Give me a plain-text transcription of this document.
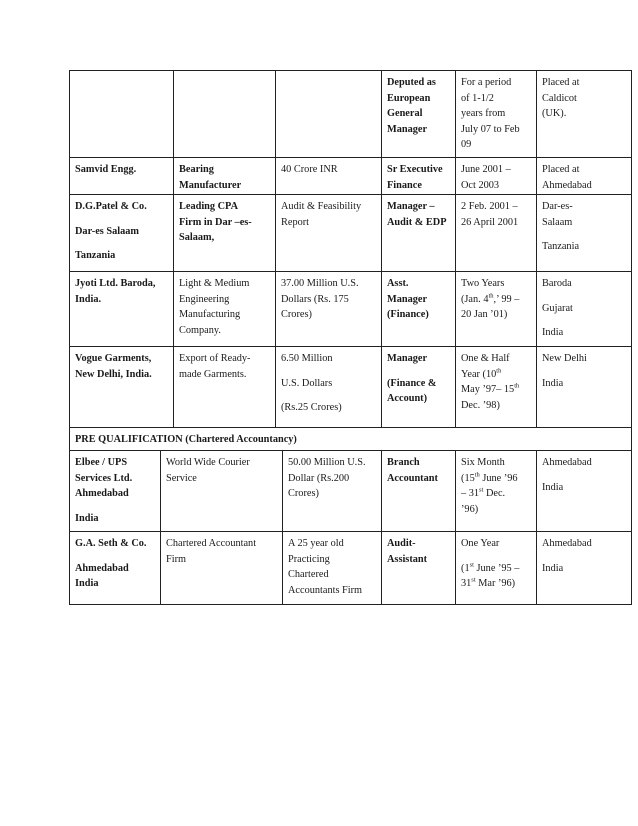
Deputed as
European
General
Manager
For a period
of 1-1/2
years from
July 07 to Feb
09
Placed at
Caldicot
(UK).
Samvid Engg.	Bearing
Manufacturer
40 Crore INR	Sr Executive
Finance
June 2001 –
Oct 2003
Placed at
Ahmedabad
D.G.Patel & Co.
Dar-es Salaam
Tanzania
Leading CPA
Firm in Dar –es-
Salaam,
Audit & Feasibility
Report
Manager –
Audit & EDP
2 Feb. 2001 –
26 April 2001
Dar-es-
Salaam
Tanzania
Jyoti Ltd. Baroda,
India.
Light & Medium
Engineering
Manufacturing
Company.
37.00 Million U.S.
Dollars (Rs. 175
Crores)
Asst.
Manager
(Finance)
Two Years
(Jan. 4th,’ 99 –
20 Jan ’01)
Baroda
Gujarat
India
Vogue Garments,
New Delhi, India.
Export of Ready-
made Garments.
6.50 Million
U.S. Dollars
(Rs.25 Crores)
Manager
(Finance &
Account)
One & Half
Year (10th
May ’97– 15th
Dec. ’98)
New Delhi
India
PRE QUALIFICATION (Chartered Accountancy)
Elbee / UPS
Services Ltd.
Ahmedabad
India
World Wide Courier
Service
50.00 Million U.S.
Dollar (Rs.200
Crores)
Branch
Accountant
Six Month
(15th June ’96
– 31st Dec.
’96)
Ahmedabad
India
G.A. Seth & Co.
Ahmedabad
India
Chartered Accountant
Firm
A 25 year old
Practicing
Chartered
Accountants Firm
Audit-
Assistant
One Year
(1st June ’95 –
31st Mar ’96)
Ahmedabad
India
